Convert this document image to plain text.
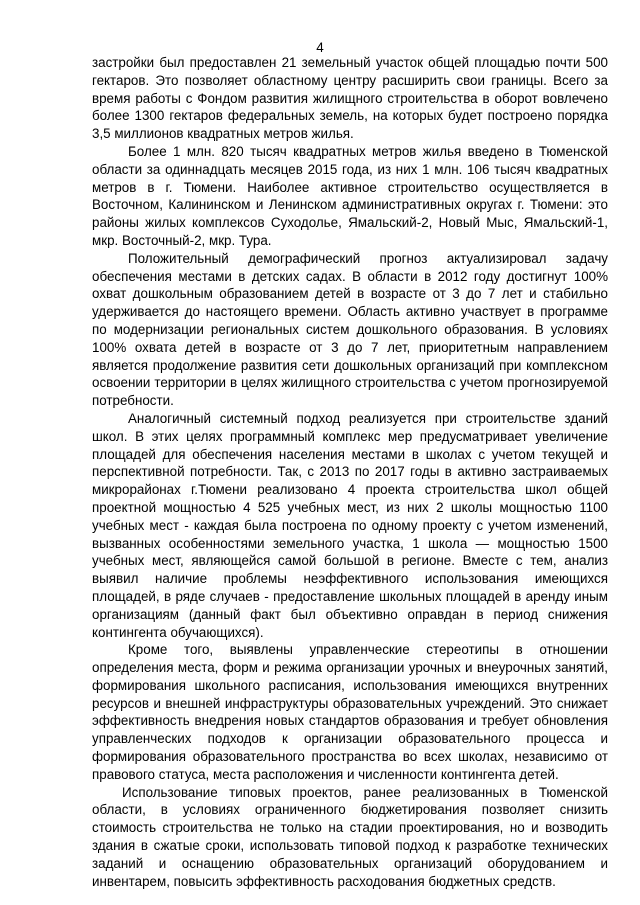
4

застройки был предоставлен 21 земельный участок общей площадью почти 500 гектаров. Это позволяет областному центру расширить свои границы. Всего за время работы с Фондом развития жилищного строительства в оборот вовлечено более 1300 гектаров федеральных земель, на которых будет построено порядка 3,5 миллионов квадратных метров жилья.

Более 1 млн. 820 тысяч квадратных метров жилья введено в Тюменской области за одиннадцать месяцев 2015 года, из них 1 млн. 106 тысяч квадратных метров в г. Тюмени. Наиболее активное строительство осуществляется в Восточном, Калининском и Ленинском административных округах г. Тюмени: это районы жилых комплексов Суходолье, Ямальский-2, Новый Мыс, Ямальский-1, мкр. Восточный-2, мкр. Тура.

Положительный демографический прогноз актуализировал задачу обеспечения местами в детских садах. В области в 2012 году достигнут 100% охват дошкольным образованием детей в возрасте от 3 до 7 лет и стабильно удерживается до настоящего времени. Область активно участвует в программе по модернизации региональных систем дошкольного образования. В условиях 100% охвата детей в возрасте от 3 до 7 лет, приоритетным направлением является продолжение развития сети дошкольных организаций при комплексном освоении территории в целях жилищного строительства с учетом прогнозируемой потребности.

Аналогичный системный подход реализуется при строительстве зданий школ. В этих целях программный комплекс мер предусматривает увеличение площадей для обеспечения населения местами в школах с учетом текущей и перспективной потребности. Так, с 2013 по 2017 годы в активно застраиваемых микрорайонах г.Тюмени реализовано 4 проекта строительства школ общей проектной мощностью 4 525 учебных мест, из них 2 школы мощностью 1100 учебных мест - каждая была построена по одному проекту с учетом изменений, вызванных особенностями земельного участка, 1 школа — мощностью 1500 учебных мест, являющейся самой большой в регионе. Вместе с тем, анализ выявил наличие проблемы неэффективного использования имеющихся площадей, в ряде случаев - предоставление школьных площадей в аренду иным организациям (данный факт был объективно оправдан в период снижения контингента обучающихся).

Кроме того, выявлены управленческие стереотипы в отношении определения места, форм и режима организации урочных и внеурочных занятий, формирования школьного расписания, использования имеющихся внутренних ресурсов и внешней инфраструктуры образовательных учреждений. Это снижает эффективность внедрения новых стандартов образования и требует обновления управленческих подходов к организации образовательного процесса и формирования образовательного пространства во всех школах, независимо от правового статуса, места расположения и численности контингента детей.

Использование типовых проектов, ранее реализованных в Тюменской области, в условиях ограниченного бюджетирования позволяет снизить стоимость строительства не только на стадии проектирования, но и возводить здания в сжатые сроки, использовать типовой подход к разработке технических заданий и оснащению образовательных организаций оборудованием и инвентарем, повысить эффективность расходования бюджетных средств.
